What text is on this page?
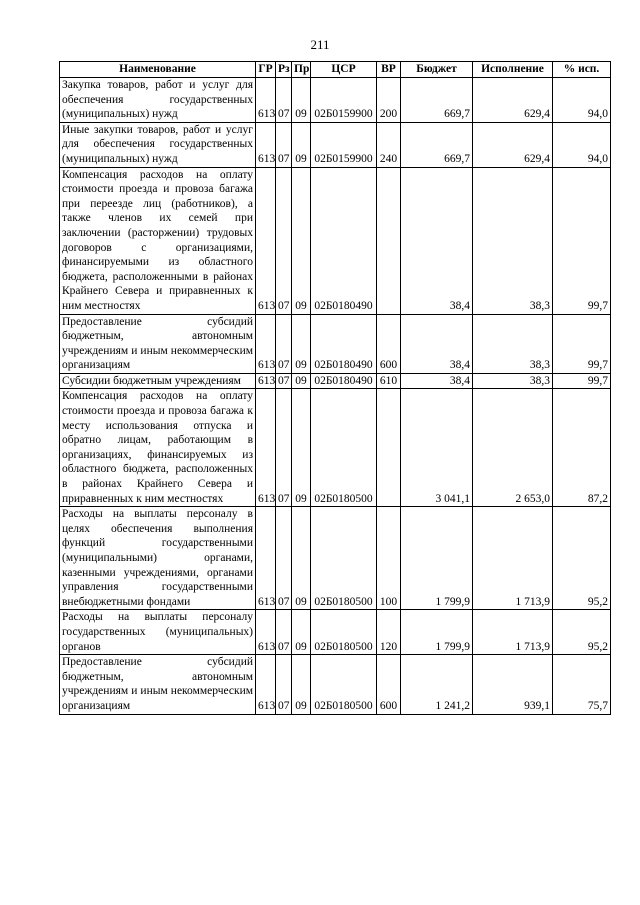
211
Наименование	ГР	Рз	Пр	ЦСР	ВР	Бюджет	Исполнение	% исп.
Закупка товаров, работ и услуг для обеспечения государственных (муниципальных) нужд	613	07	09	02Б0159900	200	669,7	629,4	94,0
Иные закупки товаров, работ и услуг для обеспечения государственных (муниципальных) нужд	613	07	09	02Б0159900	240	669,7	629,4	94,0
Компенсация расходов на оплату стоимости проезда и провоза багажа при переезде лиц (работников), а также членов их семей при заключении (расторжении) трудовых договоров с организациями, финансируемыми из областного бюджета, расположенными в районах Крайнего Севера и приравненных к ним местностях	613	07	09	02Б0180490		38,4	38,3	99,7
Предоставление субсидий бюджетным, автономным учреждениям и иным некоммерческим организациям	613	07	09	02Б0180490	600	38,4	38,3	99,7
Субсидии бюджетным учреждениям	613	07	09	02Б0180490	610	38,4	38,3	99,7
Компенсация расходов на оплату стоимости проезда и провоза багажа к месту использования отпуска и обратно лицам, работающим в организациях, финансируемых из областного бюджета, расположенных в районах Крайнего Севера и приравненных к ним местностях	613	07	09	02Б0180500		3 041,1	2 653,0	87,2
Расходы на выплаты персоналу в целях обеспечения выполнения функций государственными (муниципальными) органами, казенными учреждениями, органами управления государственными внебюджетными фондами	613	07	09	02Б0180500	100	1 799,9	1 713,9	95,2
Расходы на выплаты персоналу государственных (муниципальных) органов	613	07	09	02Б0180500	120	1 799,9	1 713,9	95,2
Предоставление субсидий бюджетным, автономным учреждениям и иным некоммерческим организациям	613	07	09	02Б0180500	600	1 241,2	939,1	75,7
